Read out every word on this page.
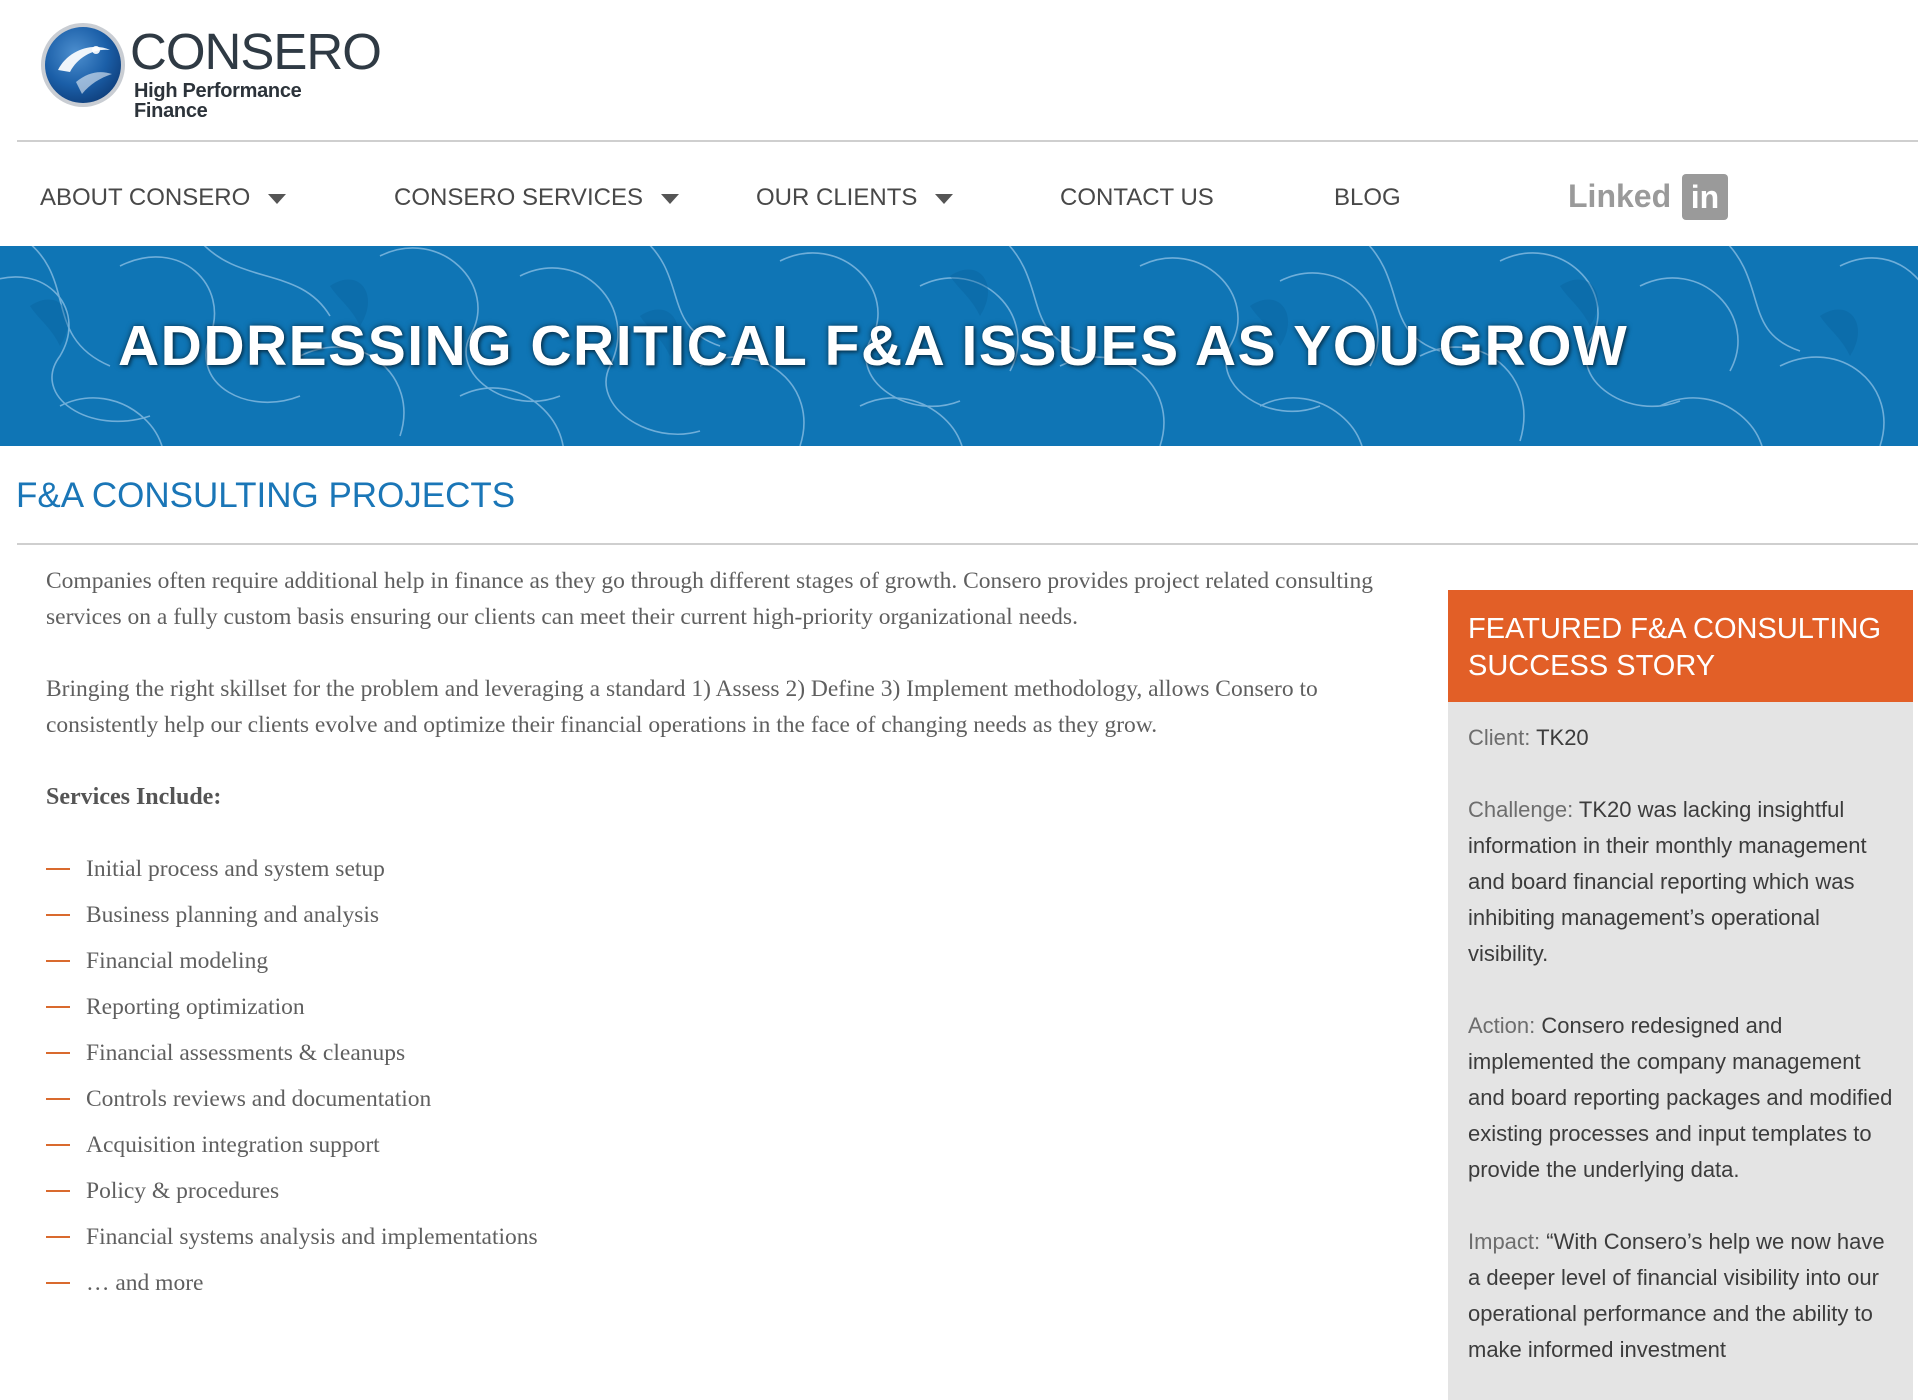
CONSERO
High Performance Finance
ABOUT CONSERO	CONSERO SERVICES	OUR CLIENTS	CONTACT US	BLOG	Linked in
ADDRESSING CRITICAL F&A ISSUES AS YOU GROW
F&A CONSULTING PROJECTS

Companies often require additional help in finance as they go through different stages of growth. Consero provides project related consulting services on a fully custom basis ensuring our clients can meet their current high-priority organizational needs.

Bringing the right skillset for the problem and leveraging a standard 1) Assess 2) Define 3) Implement methodology, allows Consero to consistently help our clients evolve and optimize their financial operations in the face of changing needs as they grow.

Services Include:
Initial process and system setup
Business planning and analysis
Financial modeling
Reporting optimization
Financial assessments & cleanups
Controls reviews and documentation
Acquisition integration support
Policy & procedures
Financial systems analysis and implementations
… and more
FEATURED F&A CONSULTING SUCCESS STORY

Client: TK20

Challenge: TK20 was lacking insightful information in their monthly management and board financial reporting which was inhibiting management’s operational visibility.

Action: Consero redesigned and implemented the company management and board reporting packages and modified existing processes and input templates to provide the underlying data.

Impact: “With Consero’s help we now have a deeper level of financial visibility into our operational performance and the ability to make informed investment
